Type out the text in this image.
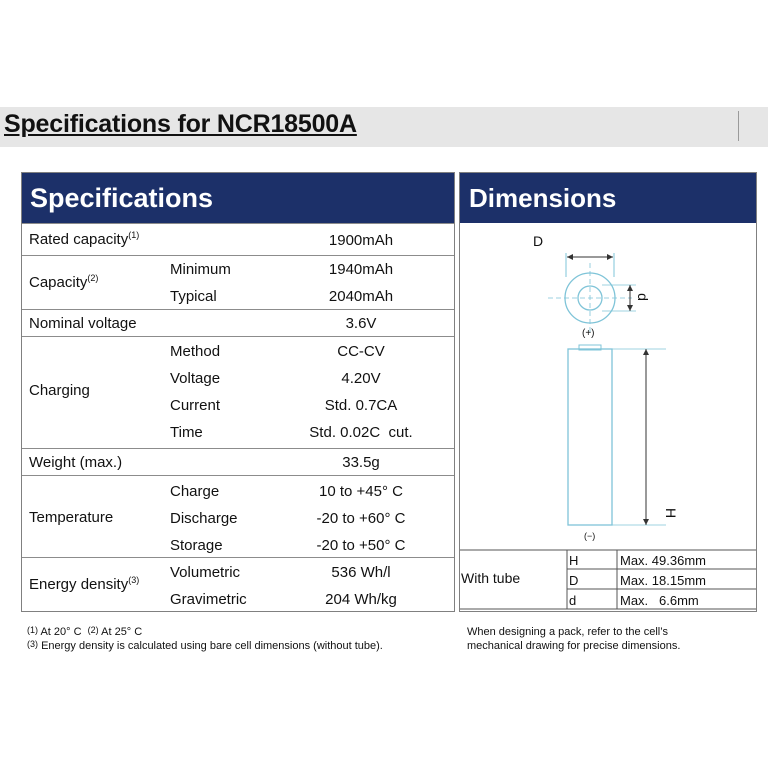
Specifications for NCR18500A
Specifications
Rated capacity$^{(1)}$	1900mAh
Capacity$^{(2)}$	Minimum	1940mAh
Typical	2040mAh
Nominal voltage	3.6V
Charging
Method	CC-CV
Voltage	4.20V
Current	Std. 0.7CA
Time	Std. 0.02C  cut.
Weight (max.)	33.5g
Temperature
Charge	10 to +45° C
Discharge	-20 to +60° C
Storage	-20 to +50° C
Energy density$^{(3)}$ Volumetric	536 Wh/l
Gravimetric	204 Wh/kg
Dimensions
D
d
(+)
H
(−)
With tube
H	Max. 49.36mm
D	Max. 18.15mm
d	Max.   6.6mm
$^{(1)}$ At 20° C $^{(2)}$ At 25° C
$^{(3)}$ Energy density is calculated using bare cell dimensions (without tube).
When designing a pack, refer to the cell’s
mechanical drawing for precise dimensions.
